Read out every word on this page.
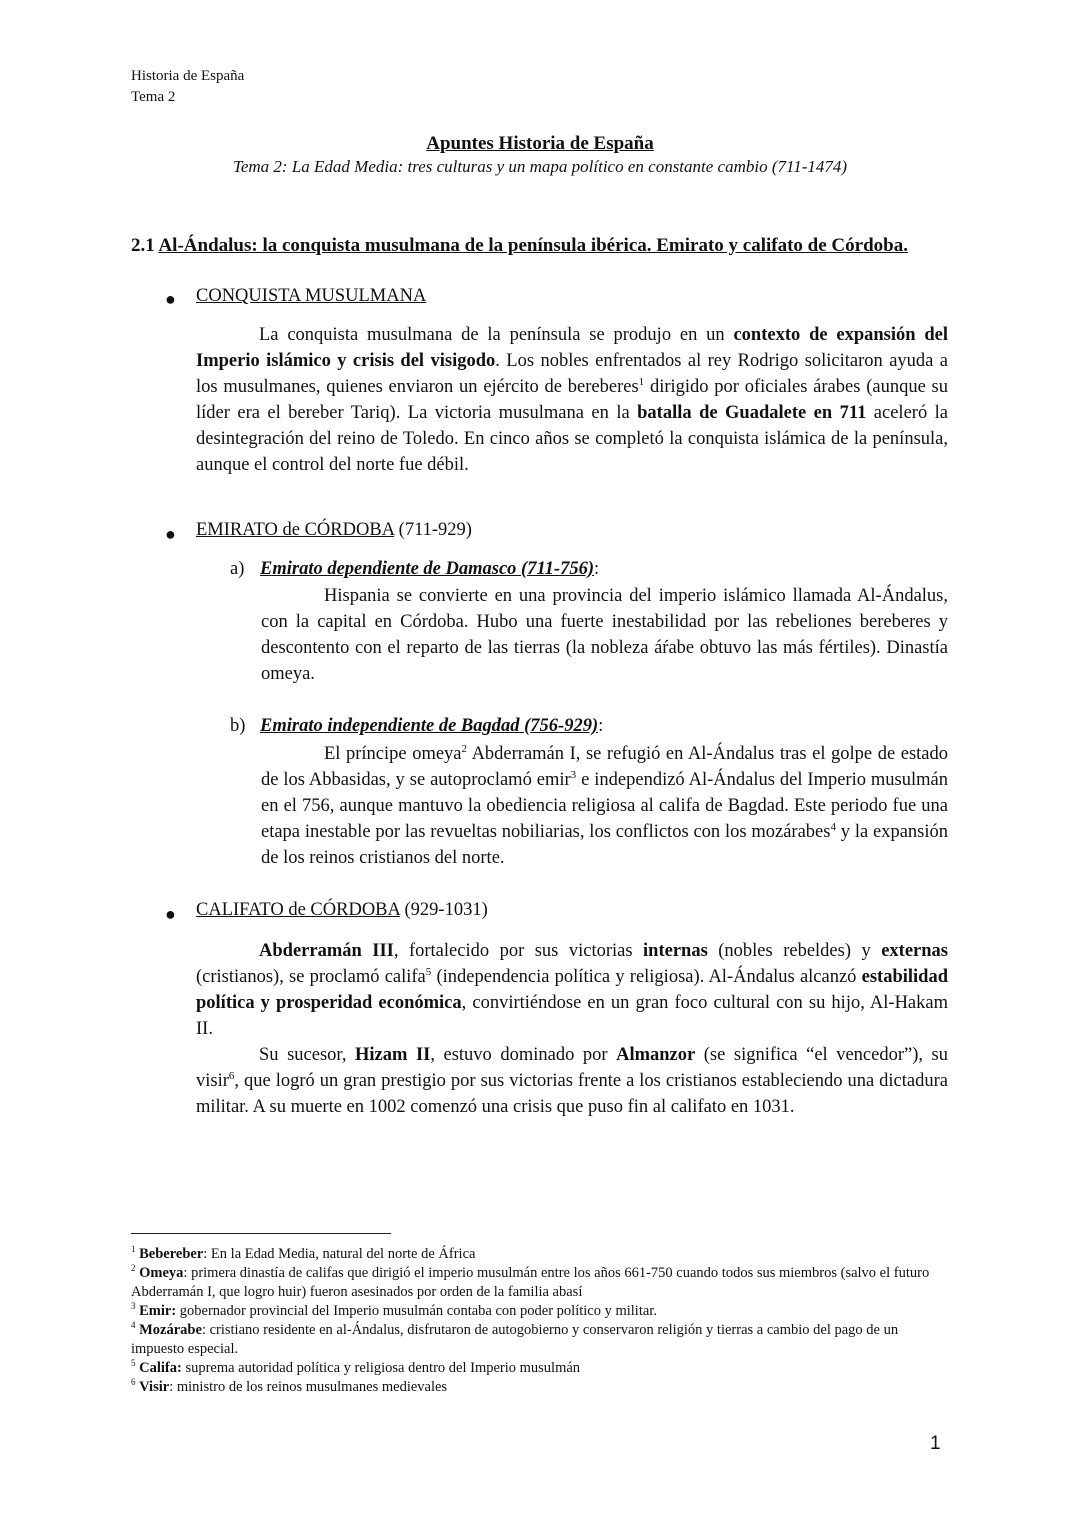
Historia de España
Tema 2
Apuntes Historia de España
Tema 2: La Edad Media: tres culturas y un mapa político en constante cambio (711-1474)
2.1 Al-Ándalus: la conquista musulmana de la península ibérica. Emirato y califato de Córdoba.
● CONQUISTA MUSULMANA

La conquista musulmana de la península se produjo en un contexto de expansión del Imperio islámico y crisis del visigodo. Los nobles enfrentados al rey Rodrigo solicitaron ayuda a los musulmanes, quienes enviaron un ejército de bereberes$^1$ dirigido por oficiales árabes (aunque su líder era el bereber Tariq). La victoria musulmana en la batalla de Guadalete en 711 aceleró la desintegración del reino de Toledo. En cinco años se completó la conquista islámica de la península, aunque el control del norte fue débil.

● EMIRATO de CÓRDOBA (711-929)
a) Emirato dependiente de Damasco (711-756):

Hispania se convierte en una provincia del imperio islámico llamada Al-Ándalus, con la capital en Córdoba. Hubo una fuerte inestabilidad por las rebeliones bereberes y descontento con el reparto de las tierras (la nobleza áŕabe obtuvo las más fértiles). Dinastía omeya.

b) Emirato independiente de Bagdad (756-929):

El príncipe omeya$^2$ Abderramán I, se refugió en Al-Ándalus tras el golpe de estado de los Abbasidas, y se autoproclamó emir$^3$ e independizó Al-Ándalus del Imperio musulmán en el 756, aunque mantuvo la obediencia religiosa al califa de Bagdad. Este periodo fue una etapa inestable por las revueltas nobiliarias, los conflictos con los mozárabes$^4$ y la expansión de los reinos cristianos del norte.

● CALIFATO de CÓRDOBA (929-1031)

Abderramán III, fortalecido por sus victorias internas (nobles rebeldes) y externas (cristianos), se proclamó califa$^5$ (independencia política y religiosa). Al-Ándalus alcanzó estabilidad política y prosperidad económica, convirtiéndose en un gran foco cultural con su hijo, Al-Hakam II.

Su sucesor, Hizam II, estuvo dominado por Almanzor (se significa “el vencedor”), su visir$^6$, que logró un gran prestigio por sus victorias frente a los cristianos estableciendo una dictadura militar. A su muerte en 1002 comenzó una crisis que puso fin al califato en 1031.

$^1$ Bebereber: En la Edad Media, natural del norte de África

$^2$ Omeya: primera dinastía de califas que dirigió el imperio musulmán entre los años 661-750 cuando todos sus miembros (salvo el futuro Abderramán I, que logro huir) fueron asesinados por orden de la familia abasí

$^3$ Emir: gobernador provincial del Imperio musulmán contaba con poder político y militar.

$^4$ Mozárabe: cristiano residente en al-Ándalus, disfrutaron de autogobierno y conservaron religión y tierras a cambio del pago de un impuesto especial.

$^5$ Califa: suprema autoridad política y religiosa dentro del Imperio musulmán

$^6$ Visir: ministro de los reinos musulmanes medievales

1
